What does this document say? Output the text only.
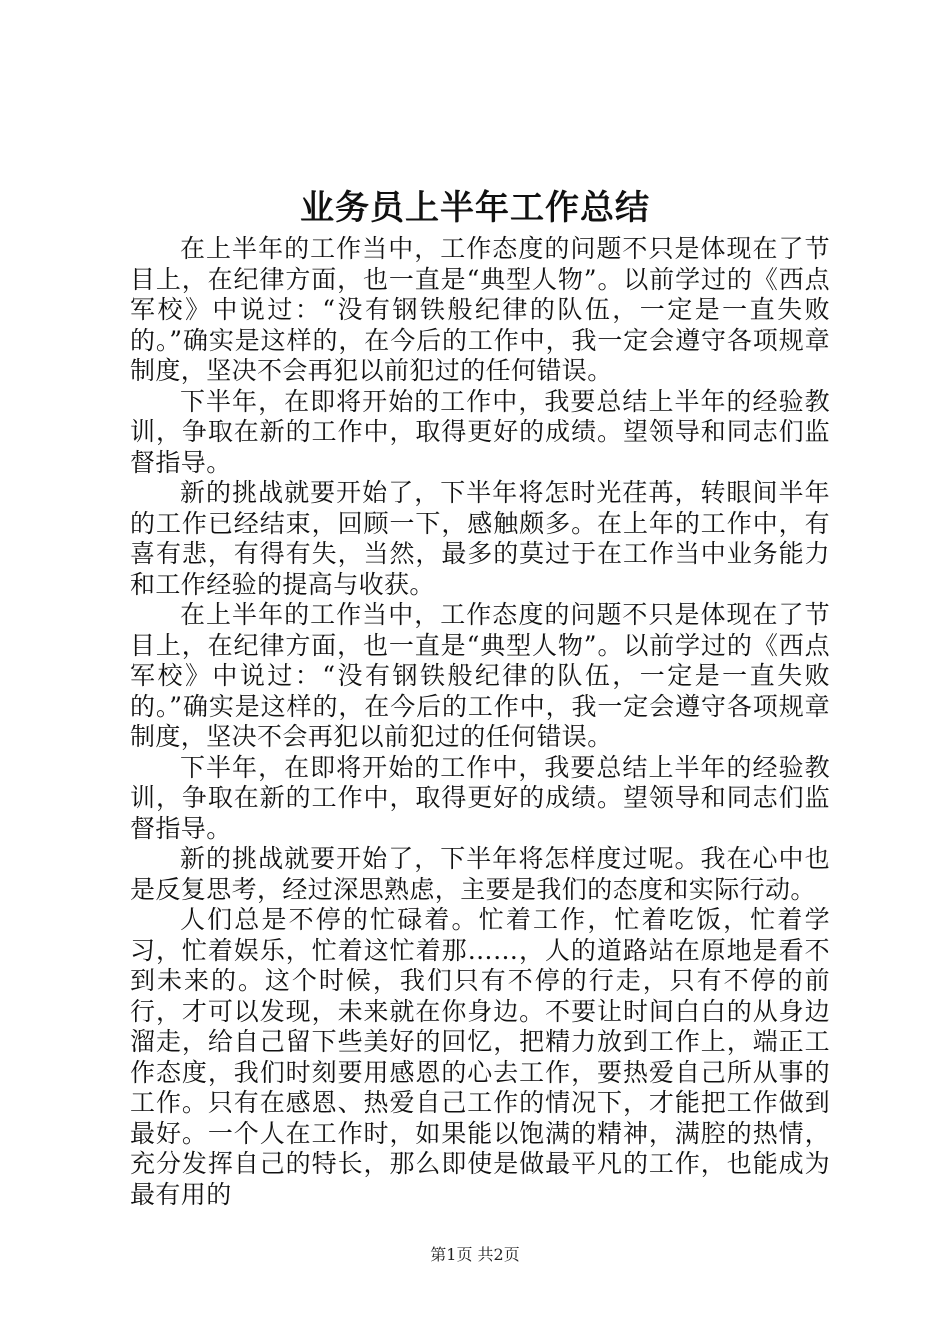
业务员上半年工作总结

在上半年的工作当中，工作态度的问题不只是体现在了节目上，在纪律方面，也一直是“典型人物”。以前学过的《西点军校》中说过：“没有钢铁般纪律的队伍，一定是一直失败的。”确实是这样的，在今后的工作中，我一定会遵守各项规章制度，坚决不会再犯以前犯过的任何错误。

下半年，在即将开始的工作中，我要总结上半年的经验教训，争取在新的工作中，取得更好的成绩。望领导和同志们监督指导。

新的挑战就要开始了，下半年将怎时光荏苒，转眼间半年的工作已经结束，回顾一下，感触颇多。在上年的工作中，有喜有悲，有得有失，当然，最多的莫过于在工作当中业务能力和工作经验的提高与收获。

在上半年的工作当中，工作态度的问题不只是体现在了节目上，在纪律方面，也一直是“典型人物”。以前学过的《西点军校》中说过：“没有钢铁般纪律的队伍，一定是一直失败的。”确实是这样的，在今后的工作中，我一定会遵守各项规章制度，坚决不会再犯以前犯过的任何错误。

下半年，在即将开始的工作中，我要总结上半年的经验教训，争取在新的工作中，取得更好的成绩。望领导和同志们监督指导。

新的挑战就要开始了，下半年将怎样度过呢。我在心中也是反复思考，经过深思熟虑，主要是我们的态度和实际行动。

人们总是不停的忙碌着。忙着工作，忙着吃饭，忙着学习，忙着娱乐，忙着这忙着那……，人的道路站在原地是看不到未来的。这个时候，我们只有不停的行走，只有不停的前行，才可以发现，未来就在你身边。不要让时间白白的从身边溜走，给自己留下些美好的回忆，把精力放到工作上，端正工作态度，我们时刻要用感恩的心去工作，要热爱自己所从事的工作。只有在感恩、热爱自己工作的情况下，才能把工作做到最好。一个人在工作时，如果能以饱满的精神，满腔的热情，充分发挥自己的特长，那么即使是做最平凡的工作，也能成为最有用的

第1页 共2页
